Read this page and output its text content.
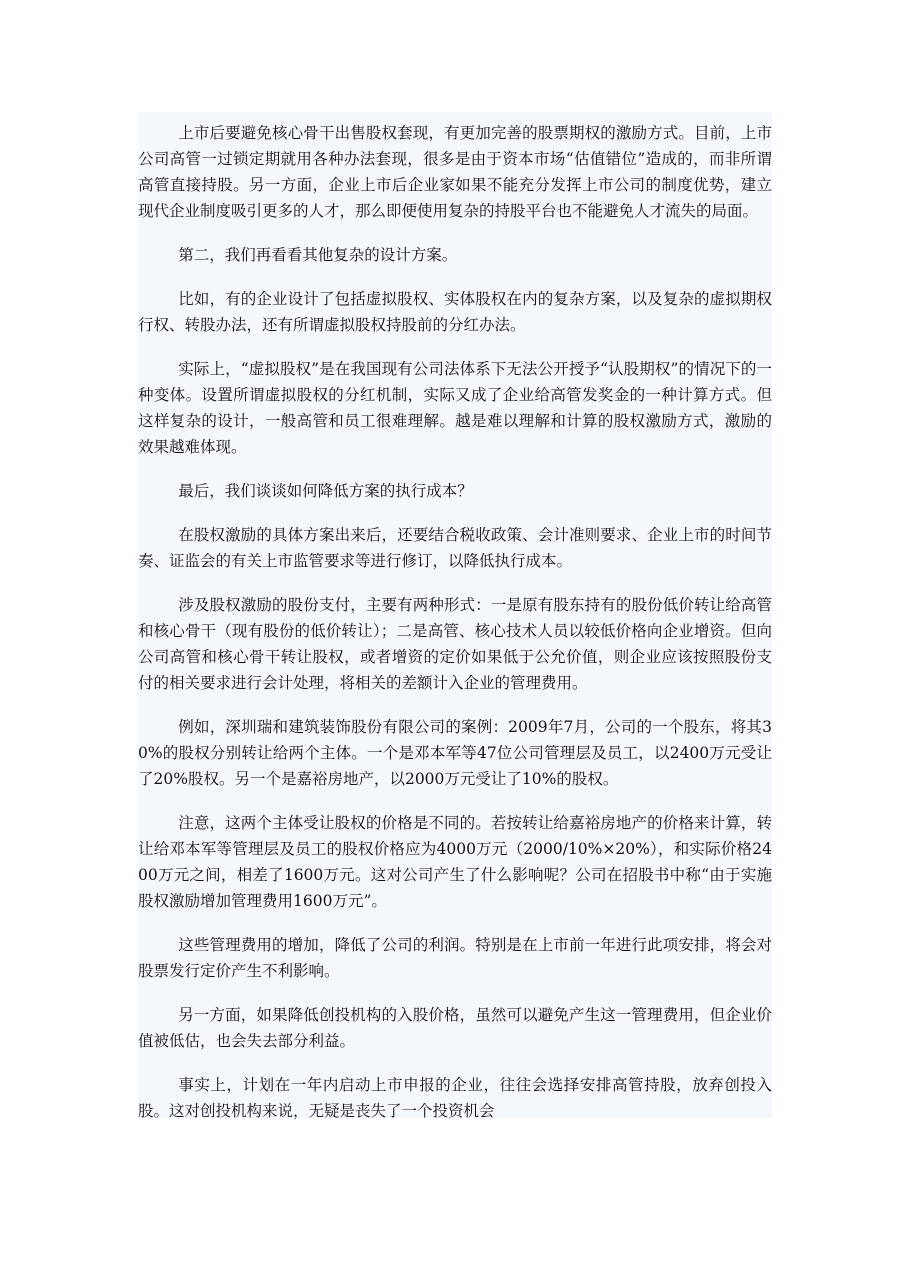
上市后要避免核心骨干出售股权套现，有更加完善的股票期权的激励方式。目前，上市公司高管一过锁定期就用各种办法套现，很多是由于资本市场“估值错位”造成的，而非所谓高管直接持股。另一方面，企业上市后企业家如果不能充分发挥上市公司的制度优势，建立现代企业制度吸引更多的人才，那么即便使用复杂的持股平台也不能避免人才流失的局面。

第二，我们再看看其他复杂的设计方案。

比如，有的企业设计了包括虚拟股权、实体股权在内的复杂方案，以及复杂的虚拟期权行权、转股办法，还有所谓虚拟股权持股前的分红办法。

实际上，“虚拟股权”是在我国现有公司法体系下无法公开授予“认股期权”的情况下的一种变体。设置所谓虚拟股权的分红机制，实际又成了企业给高管发奖金的一种计算方式。但这样复杂的设计，一般高管和员工很难理解。越是难以理解和计算的股权激励方式，激励的效果越难体现。

最后，我们谈谈如何降低方案的执行成本？

在股权激励的具体方案出来后，还要结合税收政策、会计准则要求、企业上市的时间节奏、证监会的有关上市监管要求等进行修订，以降低执行成本。

涉及股权激励的股份支付，主要有两种形式：一是原有股东持有的股份低价转让给高管和核心骨干（现有股份的低价转让）；二是高管、核心技术人员以较低价格向企业增资。但向公司高管和核心骨干转让股权，或者增资的定价如果低于公允价值，则企业应该按照股份支付的相关要求进行会计处理，将相关的差额计入企业的管理费用。

例如，深圳瑞和建筑装饰股份有限公司的案例：2009年7月，公司的一个股东，将其30%的股权分别转让给两个主体。一个是邓本军等47位公司管理层及员工，以2400万元受让了20%股权。另一个是嘉裕房地产，以2000万元受让了10%的股权。

注意，这两个主体受让股权的价格是不同的。若按转让给嘉裕房地产的价格来计算，转让给邓本军等管理层及员工的股权价格应为4000万元（2000/10%×20%），和实际价格2400万元之间，相差了1600万元。这对公司产生了什么影响呢？公司在招股书中称“由于实施股权激励增加管理费用1600万元”。

这些管理费用的增加，降低了公司的利润。特别是在上市前一年进行此项安排，将会对股票发行定价产生不利影响。

另一方面，如果降低创投机构的入股价格，虽然可以避免产生这一管理费用，但企业价值被低估，也会失去部分利益。

事实上，计划在一年内启动上市申报的企业，往往会选择安排高管持股，放弃创投入股。这对创投机构来说，无疑是丧失了一个投资机会
